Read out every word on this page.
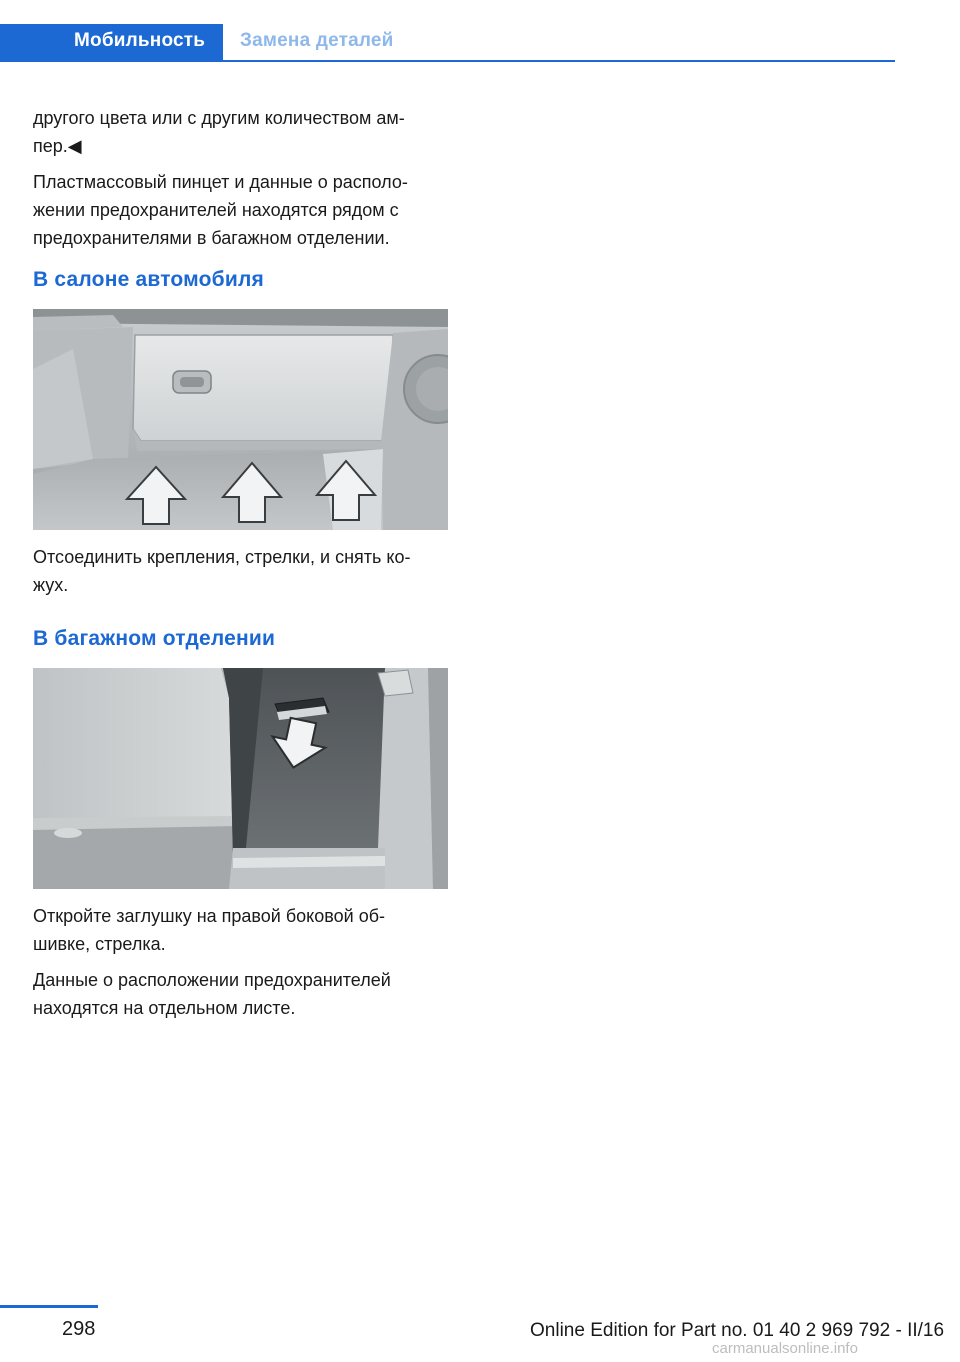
Мобильность Замена деталей
другого цвета или с другим количеством ам-
пер.◀
Пластмассовый пинцет и данные о располо-
жении предохранителей находятся рядом с
предохранителями в багажном отделении.
В салоне автомобиля
Отсоединить крепления, стрелки, и снять ко-
жух.
В багажном отделении
Откройте заглушку на правой боковой об-
шивке, стрелка.
Данные о расположении предохранителей
находятся на отдельном листе.
298	Online Edition for Part no. 01 40 2 969 792 - II/16
carmanualsonline.info
